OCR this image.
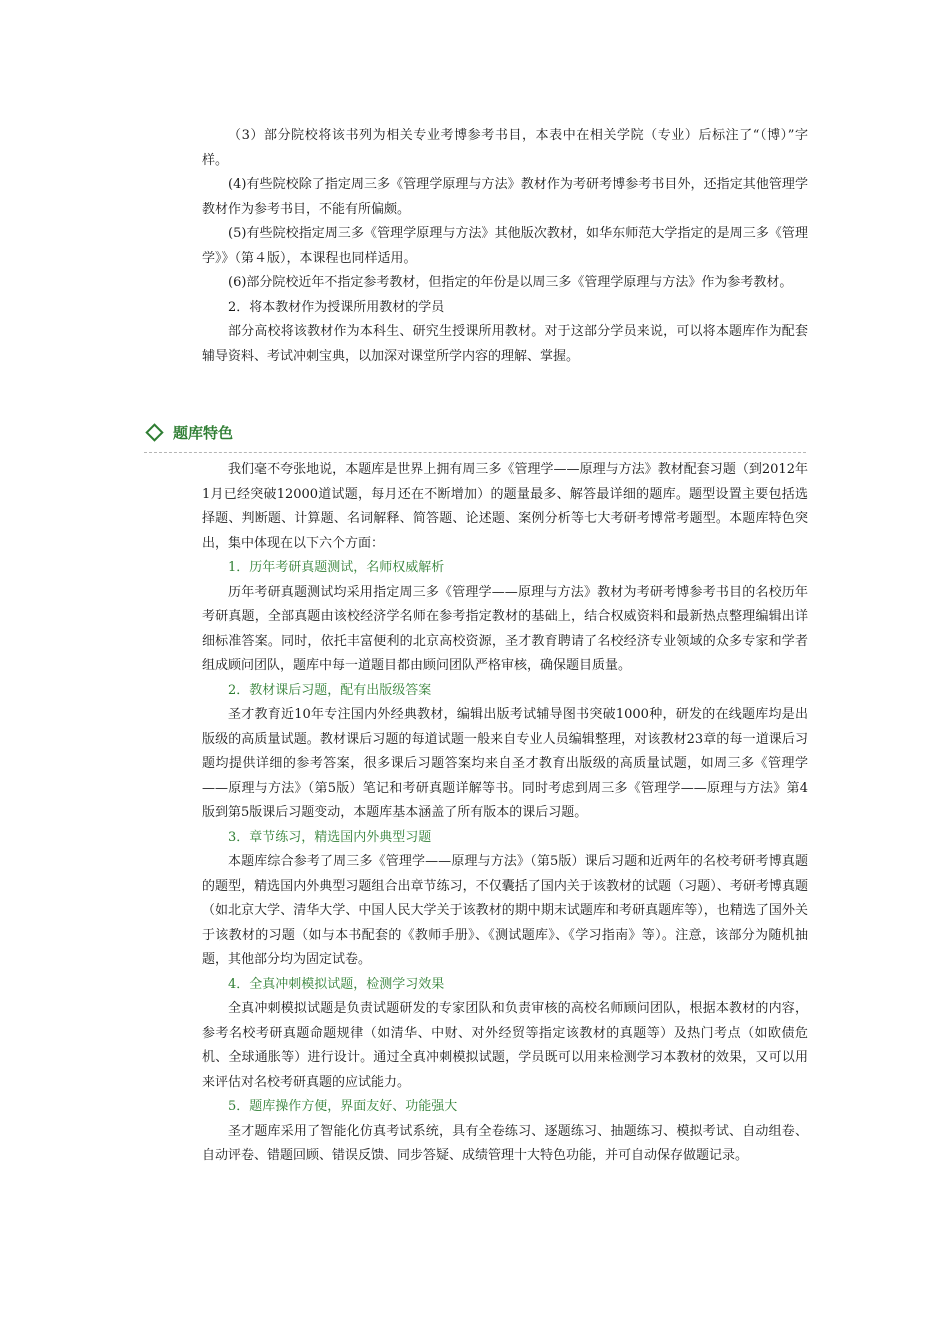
（3）部分院校将该书列为相关专业考博参考书目，本表中在相关学院（专业）后标注了“（博）”字样。

(4)有些院校除了指定周三多《管理学原理与方法》教材作为考研考博参考书目外，还指定其他管理学教材作为参考书目，不能有所偏颇。

(5)有些院校指定周三多《管理学原理与方法》其他版次教材，如华东师范大学指定的是周三多《管理学》》（第４版），本课程也同样适用。

(6)部分院校近年不指定参考教材，但指定的年份是以周三多《管理学原理与方法》作为参考教材。

2．将本教材作为授课所用教材的学员

部分高校将该教材作为本科生、研究生授课所用教材。对于这部分学员来说，可以将本题库作为配套辅导资料、考试冲刺宝典，以加深对课堂所学内容的理解、掌握。

题库特色

我们毫不夸张地说，本题库是世界上拥有周三多《管理学——原理与方法》教材配套习题（到2012年1月已经突破12000道试题，每月还在不断增加）的题量最多、解答最详细的题库。题型设置主要包括选择题、判断题、计算题、名词解释、简答题、论述题、案例分析等七大考研考博常考题型。本题库特色突出，集中体现在以下六个方面：

1．历年考研真题测试，名师权威解析

历年考研真题测试均采用指定周三多《管理学——原理与方法》教材为考研考博参考书目的名校历年考研真题，全部真题由该校经济学名师在参考指定教材的基础上，结合权威资料和最新热点整理编辑出详细标准答案。同时，依托丰富便利的北京高校资源，圣才教育聘请了名校经济专业领域的众多专家和学者组成顾问团队，题库中每一道题目都由顾问团队严格审核，确保题目质量。

2．教材课后习题，配有出版级答案

圣才教育近10年专注国内外经典教材，编辑出版考试辅导图书突破1000种，研发的在线题库均是出版级的高质量试题。教材课后习题的每道试题一般来自专业人员编辑整理，对该教材23章的每一道课后习题均提供详细的参考答案，很多课后习题答案均来自圣才教育出版级的高质量试题，如周三多《管理学——原理与方法》（第5版）笔记和考研真题详解等书。同时考虑到周三多《管理学——原理与方法》第4版到第5版课后习题变动，本题库基本涵盖了所有版本的课后习题。

3．章节练习，精选国内外典型习题

本题库综合参考了周三多《管理学——原理与方法》（第5版）课后习题和近两年的名校考研考博真题的题型，精选国内外典型习题组合出章节练习，不仅囊括了国内关于该教材的试题（习题）、考研考博真题（如北京大学、清华大学、中国人民大学关于该教材的期中期末试题库和考研真题库等），也精选了国外关于该教材的习题（如与本书配套的《教师手册》、《测试题库》、《学习指南》等）。注意，该部分为随机抽题，其他部分均为固定试卷。

4．全真冲刺模拟试题，检测学习效果

全真冲刺模拟试题是负责试题研发的专家团队和负责审核的高校名师顾问团队，根据本教材的内容，参考名校考研真题命题规律（如清华、中财、对外经贸等指定该教材的真题等）及热门考点（如欧债危机、全球通胀等）进行设计。通过全真冲刺模拟试题，学员既可以用来检测学习本教材的效果，又可以用来评估对名校考研真题的应试能力。

5．题库操作方便，界面友好、功能强大

圣才题库采用了智能化仿真考试系统，具有全卷练习、逐题练习、抽题练习、模拟考试、自动组卷、自动评卷、错题回顾、错误反馈、同步答疑、成绩管理十大特色功能，并可自动保存做题记录。
